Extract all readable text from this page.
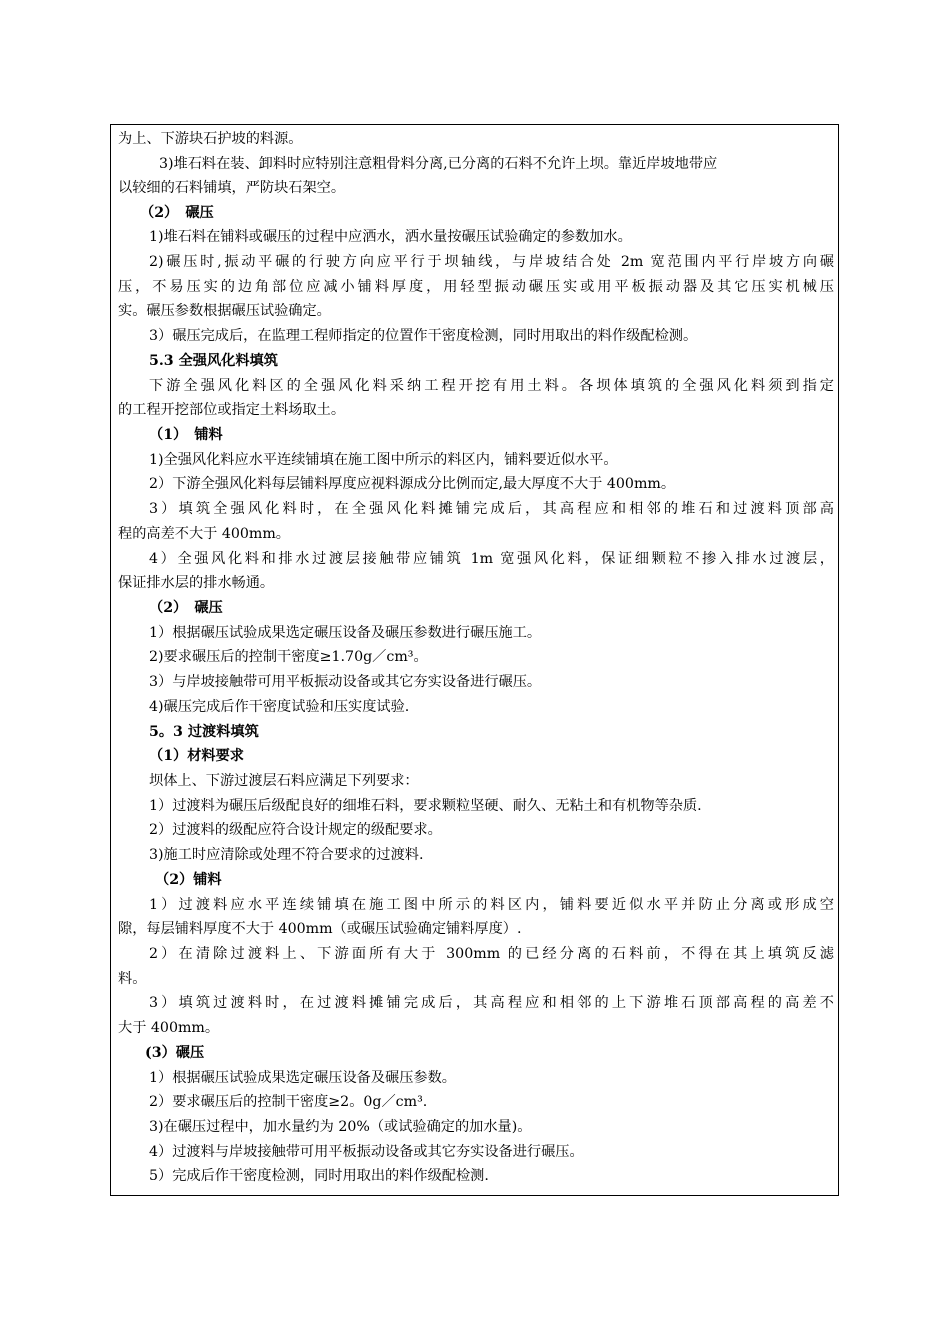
为上、下游块石护坡的料源。
3)堆石料在装、卸料时应特别注意粗骨料分离,已分离的石料不允许上坝。靠近岸坡地带应
以较细的石料铺填，严防块石架空。
（2）　碾压
1)堆石料在铺料或碾压的过程中应洒水，洒水量按碾压试验确定的参数加水。
2)碾压时,振动平碾的行驶方向应平行于坝轴线，与岸坡结合处 2m 宽范围内平行岸坡方向碾
压，不易压实的边角部位应减小铺料厚度，用轻型振动碾压实或用平板振动器及其它压实机械压
实。碾压参数根据碾压试验确定。
3）碾压完成后，在监理工程师指定的位置作干密度检测，同时用取出的料作级配检测。
5.3 全强风化料填筑
下游全强风化料区的全强风化料采纳工程开挖有用土料。各坝体填筑的全强风化料须到指定
的工程开挖部位或指定土料场取土。
（1）　铺料
1)全强风化料应水平连续铺填在施工图中所示的料区内，铺料要近似水平。
2）下游全强风化料每层铺料厚度应视料源成分比例而定,最大厚度不大于 400mm。
3）填筑全强风化料时，在全强风化料摊铺完成后，其高程应和相邻的堆石和过渡料顶部高
程的高差不大于 400mm。
4）全强风化料和排水过渡层接触带应铺筑 1m 宽强风化料，保证细颗粒不掺入排水过渡层，
保证排水层的排水畅通。
（2）　碾压
1）根据碾压试验成果选定碾压设备及碾压参数进行碾压施工。
2)要求碾压后的控制干密度≥1.70g／cm³。
3）与岸坡接触带可用平板振动设备或其它夯实设备进行碾压。
4)碾压完成后作干密度试验和压实度试验.
5。3 过渡料填筑
（1）材料要求
坝体上、下游过渡层石料应满足下列要求：
1）过渡料为碾压后级配良好的细堆石料，要求颗粒坚硬、耐久、无粘土和有机物等杂质.
2）过渡料的级配应符合设计规定的级配要求。
3)施工时应清除或处理不符合要求的过渡料.
（2）铺料
1）过渡料应水平连续铺填在施工图中所示的料区内，铺料要近似水平并防止分离或形成空
隙，每层铺料厚度不大于 400mm（或碾压试验确定铺料厚度）.
2）在清除过渡料上、下游面所有大于 300mm 的已经分离的石料前，不得在其上填筑反滤
料。
3）填筑过渡料时，在过渡料摊铺完成后，其高程应和相邻的上下游堆石顶部高程的高差不
大于 400mm。
(3）碾压
1）根据碾压试验成果选定碾压设备及碾压参数。
2）要求碾压后的控制干密度≥2。0g／cm³.
3)在碾压过程中，加水量约为 20%（或试验确定的加水量)。
4）过渡料与岸坡接触带可用平板振动设备或其它夯实设备进行碾压。
5）完成后作干密度检测，同时用取出的料作级配检测.
